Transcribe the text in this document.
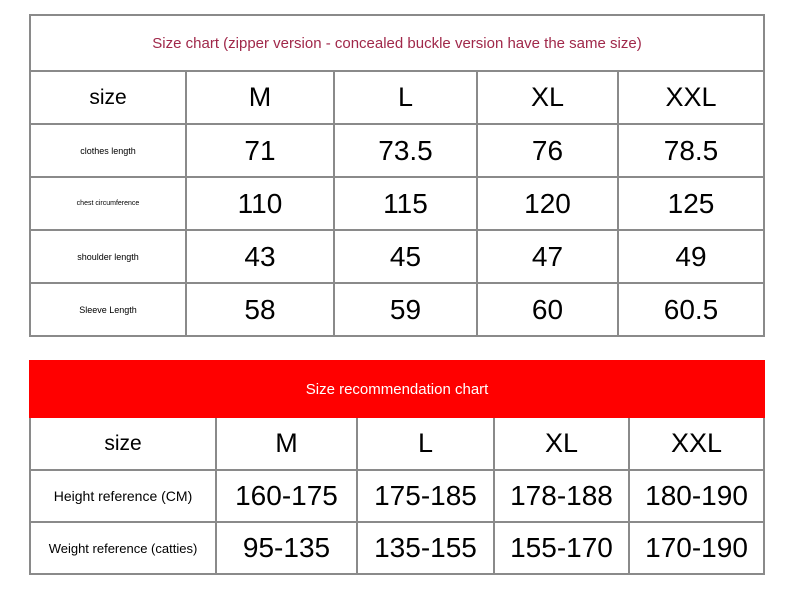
Size chart (zipper version - concealed buckle version have the same size)				
size	M	L	XL	XXL
clothes length	71	73.5	76	78.5
chest circumference	110	115	120	125
shoulder length	43	45	47	49
Sleeve Length	58	59	60	60.5
Size recommendation chart				
size	M	L	XL	XXL
Height reference (CM)	160-175	175-185	178-188	180-190
Weight reference (catties)	95-135	135-155	155-170	170-190
